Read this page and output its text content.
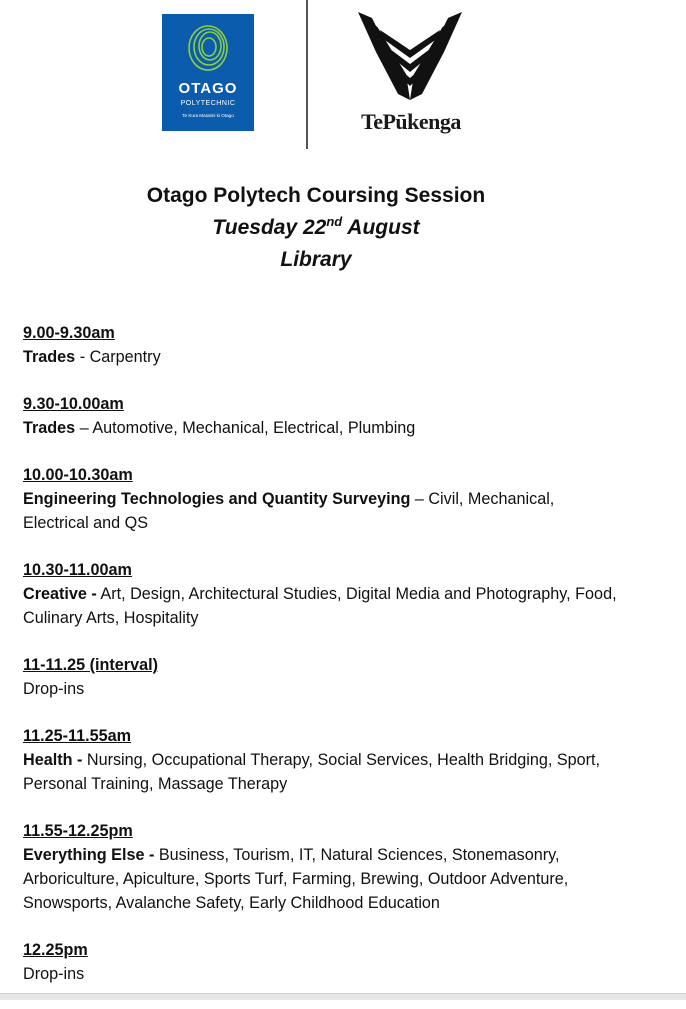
OTAGO
POLYTECHNIC
Te Kura Matatini ki Otago	TePūkenga
Otago Polytech Coursing Session
Tuesday 22nd August
Library
9.00-9.30am
Trades - Carpentry
9.30-10.00am
Trades – Automotive, Mechanical, Electrical, Plumbing
10.00-10.30am
Engineering Technologies and Quantity Surveying – Civil, Mechanical, Electrical and QS
10.30-11.00am
Creative - Art, Design, Architectural Studies, Digital Media and Photography, Food, Culinary Arts, Hospitality
11-11.25 (interval)
Drop-ins
11.25-11.55am
Health - Nursing, Occupational Therapy, Social Services, Health Bridging, Sport, Personal Training, Massage Therapy
11.55-12.25pm
Everything Else - Business, Tourism, IT, Natural Sciences, Stonemasonry, Arboriculture, Apiculture, Sports Turf, Farming, Brewing, Outdoor Adventure, Snowsports, Avalanche Safety, Early Childhood Education
12.25pm
Drop-ins
